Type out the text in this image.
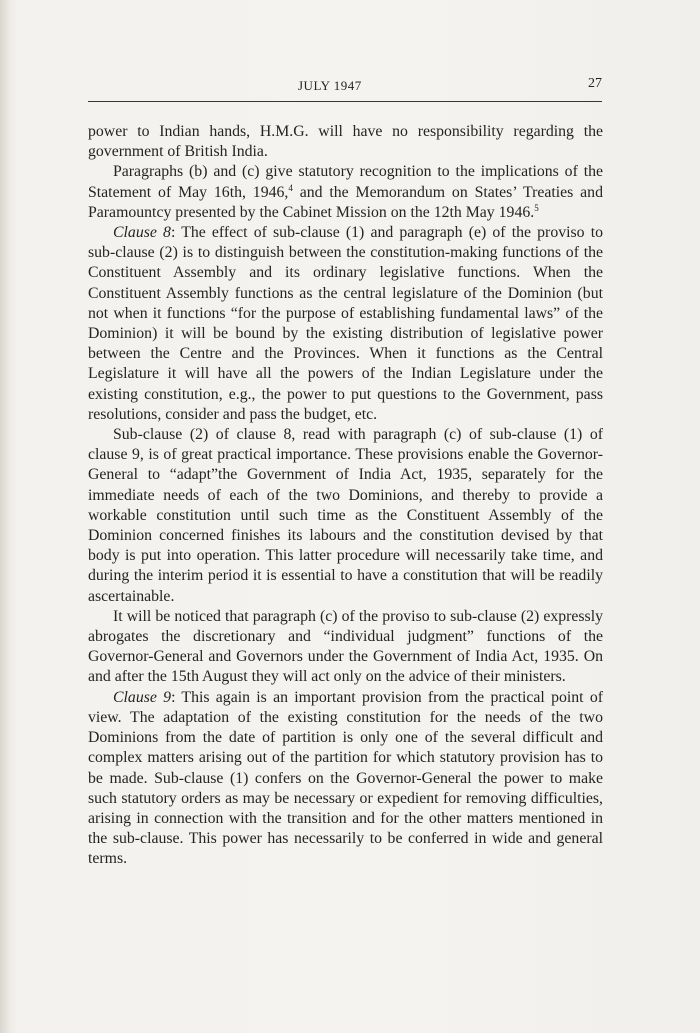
JULY 1947	27

power to Indian hands, H.M.G. will have no responsibility regarding the government of British India.

Paragraphs (b) and (c) give statutory recognition to the implications of the Statement of May 16th, 1946,$^4$ and the Memorandum on States’ Treaties and Paramountcy presented by the Cabinet Mission on the 12th May 1946.$^5$

Clause 8: The effect of sub-clause (1) and paragraph (e) of the proviso to sub-clause (2) is to distinguish between the constitution-making functions of the Constituent Assembly and its ordinary legislative functions. When the Constituent Assembly functions as the central legislature of the Dominion (but not when it functions “for the purpose of establishing fundamental laws” of the Dominion) it will be bound by the existing distribution of legislative power between the Centre and the Provinces. When it functions as the Central Legislature it will have all the powers of the Indian Legislature under the existing constitution, e.g., the power to put questions to the Government, pass resolutions, consider and pass the budget, etc.

Sub-clause (2) of clause 8, read with paragraph (c) of sub-clause (1) of clause 9, is of great practical importance. These provisions enable the Governor-General to “adapt”the Government of India Act, 1935, separately for the immediate needs of each of the two Dominions, and thereby to provide a workable constitution until such time as the Constituent Assembly of the Dominion concerned finishes its labours and the constitution devised by that body is put into operation. This latter procedure will necessarily take time, and during the interim period it is essential to have a constitution that will be readily ascertainable.

It will be noticed that paragraph (c) of the proviso to sub-clause (2) expressly abrogates the discretionary and “individual judgment” functions of the Governor-General and Governors under the Government of India Act, 1935. On and after the 15th August they will act only on the advice of their ministers.

Clause 9: This again is an important provision from the practical point of view. The adaptation of the existing constitution for the needs of the two Dominions from the date of partition is only one of the several difficult and complex matters arising out of the partition for which statutory provision has to be made. Sub-clause (1) confers on the Governor-General the power to make such statutory orders as may be necessary or expedient for removing difficulties, arising in connection with the transition and for the other matters mentioned in the sub-clause. This power has necessarily to be conferred in wide and general terms.
